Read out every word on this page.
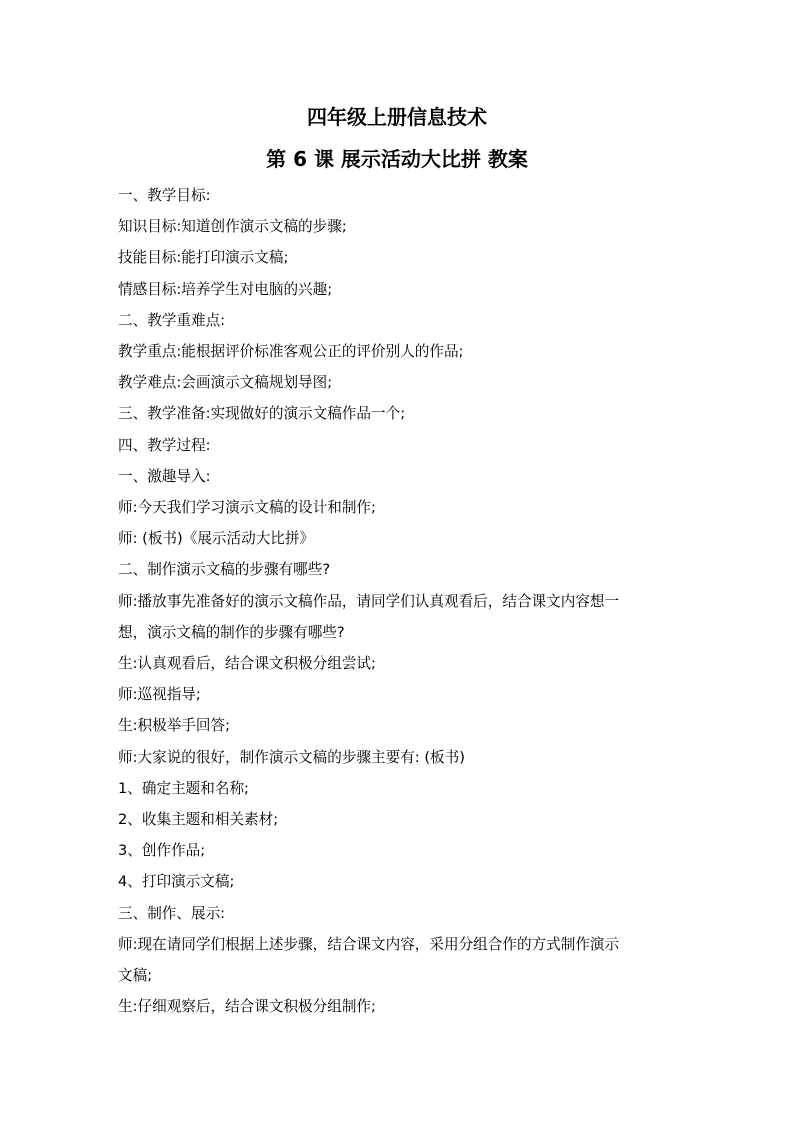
四年级上册信息技术
第 6 课 展示活动大比拼 教案

一、教学目标:

知识目标:知道创作演示文稿的步骤;

技能目标:能打印演示文稿;

情感目标:培养学生对电脑的兴趣;

二、教学重难点:

教学重点:能根据评价标准客观公正的评价别人的作品;

教学难点:会画演示文稿规划导图;

三、教学准备:实现做好的演示文稿作品一个;

四、教学过程:

一、激趣导入:

师:今天我们学习演示文稿的设计和制作;

师: (板书)《展示活动大比拼》

二、制作演示文稿的步骤有哪些?

师:播放事先准备好的演示文稿作品，请同学们认真观看后，结合课文内容想一

想，演示文稿的制作的步骤有哪些?

生:认真观看后，结合课文积极分组尝试;

师:巡视指导;

生:积极举手回答;

师:大家说的很好，制作演示文稿的步骤主要有: (板书)

1、确定主题和名称;

2、收集主题和相关素材;

3、创作作品;

4、打印演示文稿;

三、制作、展示:

师:现在请同学们根据上述步骤，结合课文内容，采用分组合作的方式制作演示

文稿;

生:仔细观察后，结合课文积极分组制作;
